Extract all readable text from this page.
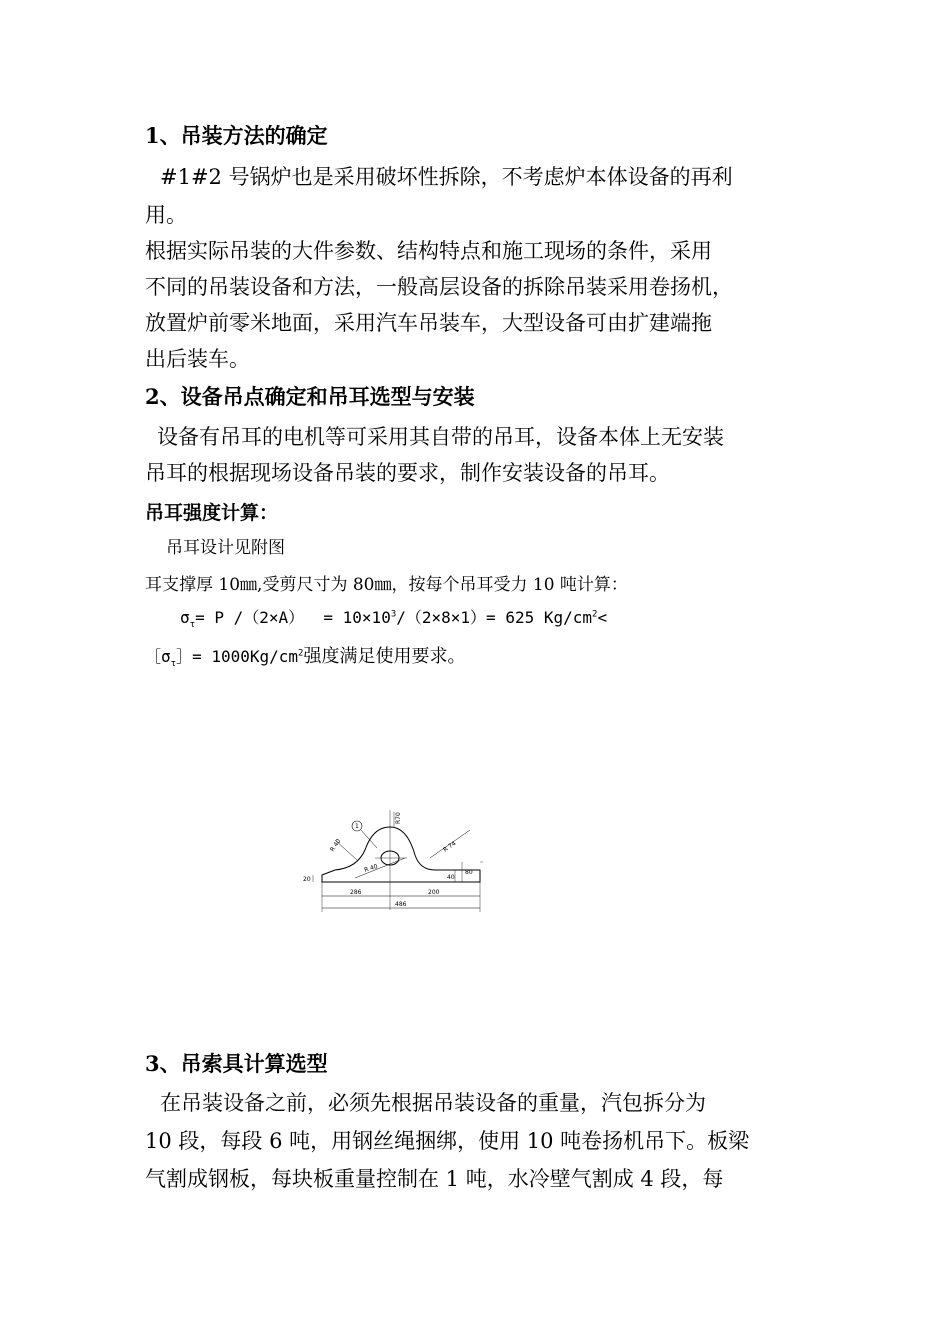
1、吊装方法的确定
#1#2 号锅炉也是采用破坏性拆除，不考虑炉本体设备的再利
用。
根据实际吊装的大件参数、结构特点和施工现场的条件，采用
不同的吊装设备和方法，一般高层设备的拆除吊装采用卷扬机，
放置炉前零米地面，采用汽车吊装车，大型设备可由扩建端拖
出后装车。
2、设备吊点确定和吊耳选型与安装
设备有吊耳的电机等可采用其自带的吊耳，设备本体上无安装
吊耳的根据现场设备吊装的要求，制作安装设备的吊耳。
吊耳强度计算：
吊耳设计见附图
耳支撑厚 10㎜,受剪尺寸为 80㎜，按每个吊耳受力 10 吨计算：
$\sigma_\tau= P$ $/(2\times A) = 10\times 10^3/(2\times 8\times 1)= 625$ $Kg/cm^2<$
$[\sigma_\tau]= 1000Kg/cm^2$强度满足使用要求。
1
R 40
R 40
R 74
R70
80
40
20
286	200
486
3、吊索具计算选型
在吊装设备之前，必须先根据吊装设备的重量，汽包拆分为
10 段，每段 6 吨，用钢丝绳捆绑，使用 10 吨卷扬机吊下。板梁
气割成钢板，每块板重量控制在 1 吨，水冷壁气割成 4 段，每
